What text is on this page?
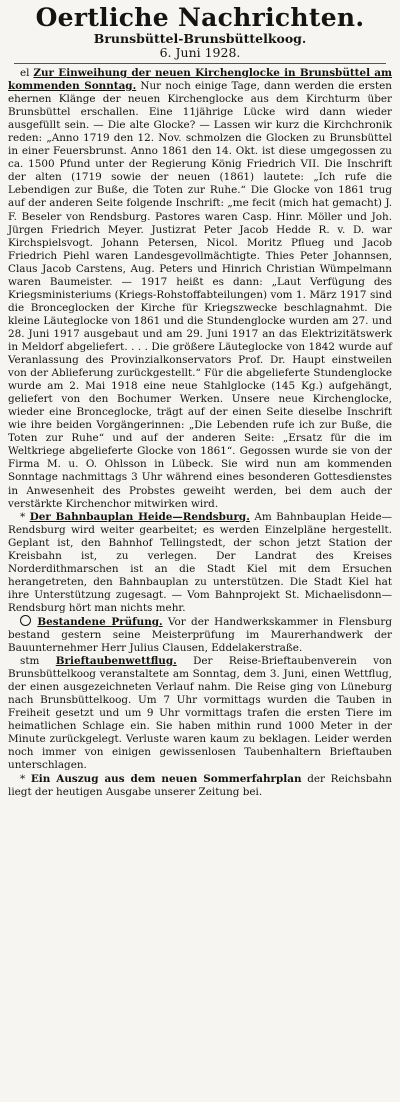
Oertliche Nachrichten.
Brunsbüttel-Brunsbüttelkoog.
6. Juni 1928.

el Zur Einweihung der neuen Kirchenglocke in Brunsbüttel am kommenden Sonntag. Nur noch einige Tage, dann werden die ersten ehernen Klänge der neuen Kirchenglocke aus dem Kirchturm über Brunsbüttel erschallen. Eine 11jährige Lücke wird dann wieder ausgefüllt sein. — Die alte Glocke? — Lassen wir kurz die Kirchchronik reden: „Anno 1719 den 12. Nov. schmolzen die Glocken zu Brunsbüttel in einer Feuersbrunst. Anno 1861 den 14. Okt. ist diese umgegossen zu ca. 1500 Pfund unter der Regierung König Friedrich VII. Die Inschrift der alten (1719 sowie der neuen (1861) lautete: „Ich rufe die Lebendigen zur Buße, die Toten zur Ruhe.“ Die Glocke von 1861 trug auf der anderen Seite folgende Inschrift: „me fecit (mich hat gemacht) J. F. Beseler von Rendsburg. Pastores waren Casp. Hinr. Möller und Joh. Jürgen Friedrich Meyer. Justizrat Peter Jacob Hedde R. v. D. war Kirchspielsvogt. Johann Petersen, Nicol. Moritz Pflueg und Jacob Friedrich Piehl waren Landesgevollmächtigte. Thies Peter Johannsen, Claus Jacob Carstens, Aug. Peters und Hinrich Christian Wümpelmann waren Baumeister. — 1917 heißt es dann: „Laut Verfügung des Kriegsministeriums (Kriegs-Rohstoffabteilungen) vom 1. März 1917 sind die Bronceglocken der Kirche für Kriegszwecke beschlagnahmt. Die kleine Läuteglocke von 1861 und die Stundenglocke wurden am 27. und 28. Juni 1917 ausgebaut und am 29. Juni 1917 an das Elektrizitätswerk in Meldorf abgeliefert. . . . Die größere Läuteglocke von 1842 wurde auf Veranlassung des Provinzialkonservators Prof. Dr. Haupt einstweilen von der Ablieferung zurückgestellt.“ Für die abgelieferte Stundenglocke wurde am 2. Mai 1918 eine neue Stahlglocke (145 Kg.) aufgehängt, geliefert von den Bochumer Werken. Unsere neue Kirchenglocke, wieder eine Bronceglocke, trägt auf der einen Seite dieselbe Inschrift wie ihre beiden Vorgängerinnen: „Die Lebenden rufe ich zur Buße, die Toten zur Ruhe“ und auf der anderen Seite: „Ersatz für die im Weltkriege abgelieferte Glocke von 1861“. Gegossen wurde sie von der Firma M. u. O. Ohlsson in Lübeck. Sie wird nun am kommenden Sonntage nachmittags 3 Uhr während eines besonderen Gottesdienstes in Anwesenheit des Probstes geweiht werden, bei dem auch der verstärkte Kirchenchor mitwirken wird.

* Der Bahnbauplan Heide—Rendsburg. Am Bahnbauplan Heide—Rendsburg wird weiter gearbeitet; es werden Einzelpläne hergestellt. Geplant ist, den Bahnhof Tellingstedt, der schon jetzt Station der Kreisbahn ist, zu verlegen. Der Landrat des Kreises Norderdithmarschen ist an die Stadt Kiel mit dem Ersuchen herangetreten, den Bahnbauplan zu unterstützen. Die Stadt Kiel hat ihre Unterstützung zugesagt. — Vom Bahnprojekt St. Michaelisdonn—Rendsburg hört man nichts mehr.

Bestandene Prüfung. Vor der Handwerkskammer in Flensburg bestand gestern seine Meisterprüfung im Maurerhandwerk der Bauunternehmer Herr Julius Clausen, Eddelakerstraße.

stm Brieftaubenwettflug. Der Reise-Brieftaubenverein von Brunsbüttelkoog veranstaltete am Sonntag, dem 3. Juni, einen Wettflug, der einen ausgezeichneten Verlauf nahm. Die Reise ging von Lüneburg nach Brunsbüttelkoog. Um 7 Uhr vormittags wurden die Tauben in Freiheit gesetzt und um 9 Uhr vormittags trafen die ersten Tiere im heimatlichen Schlage ein. Sie haben mithin rund 1000 Meter in der Minute zurückgelegt. Verluste waren kaum zu beklagen. Leider werden noch immer von einigen gewissenlosen Taubenhaltern Brieftauben unterschlagen.

* Ein Auszug aus dem neuen Sommerfahrplan der Reichsbahn liegt der heutigen Ausgabe unserer Zeitung bei.
